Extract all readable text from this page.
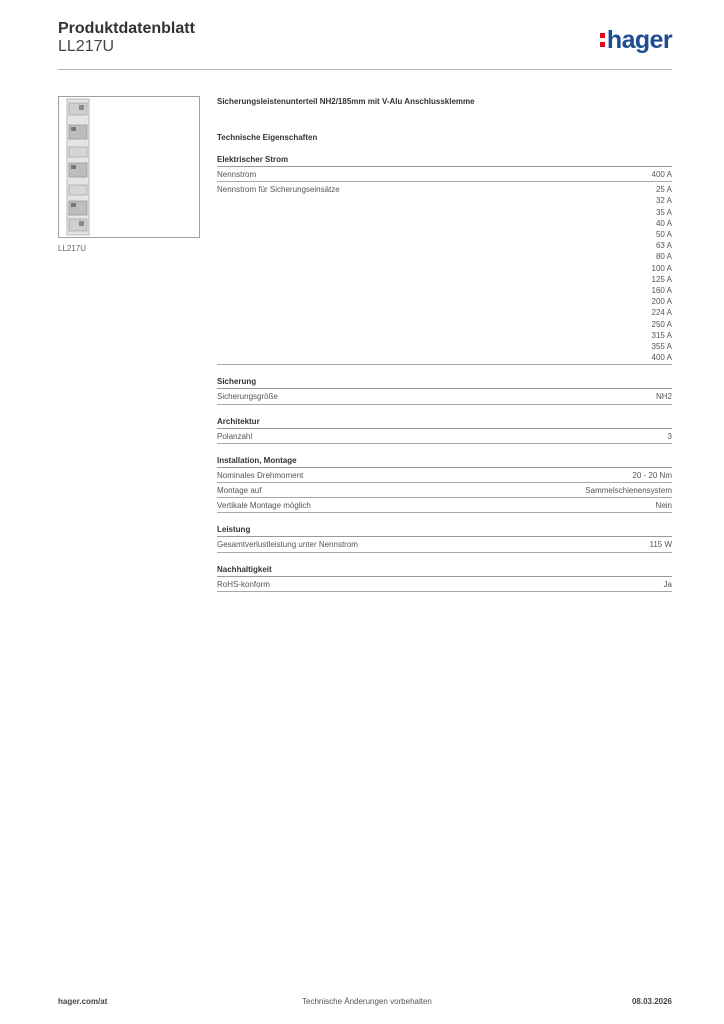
Produktdatenblatt
LL217U	hager
LL217U
Sicherungsleistenunterteil NH2/185mm mit V-Alu Anschlussklemme
Technische Eigenschaften
Elektrischer Strom
Nennstrom	400 A
Nennstrom für Sicherungseinsätze	25 A
32 A
35 A
40 A
50 A
63 A
80 A
100 A
125 A
160 A
200 A
224 A
250 A
315 A
355 A
400 A
Sicherung
Sicherungsgröße	NH2
Architektur
Polanzahl	3
Installation, Montage
Nominales Drehmoment	20 - 20 Nm
Montage auf	Sammelschienensystem
Vertikale Montage möglich	Nein
Leistung
Gesamtverlustleistung unter Nennstrom	115 W
Nachhaltigkeit
RoHS-konform	Ja
hager.com/at	Technische Änderungen vorbehalten	08.03.2026
